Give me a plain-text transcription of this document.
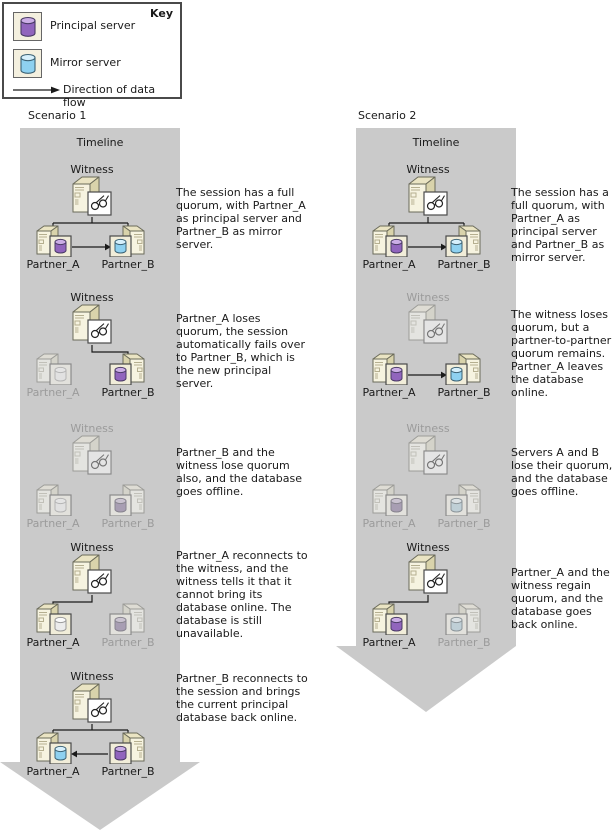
Key
Principal server
Mirror server
Direction of data flow
Scenario 1	Scenario 2
Timeline	Timeline
Witness
Partner_A	Partner_B
The session has a full quorum, with Partner_A as principal server and Partner_B as mirror server.
Witness
Partner_A	Partner_B
Partner_A loses quorum, the session automatically fails over to Partner_B, which is the new principal server.
Witness
Partner_A	Partner_B
Partner_B and the witness lose quorum also, and the database goes offline.
Witness
Partner_A	Partner_B
Partner_A reconnects to the witness, and the witness tells it that it cannot bring its database online. The database is still unavailable.
Witness
Partner_A	Partner_B
Partner_B reconnects to the session and brings the current principal database back online.
Witness
Partner_A	Partner_B
The session has a full quorum, with Partner_A as principal server and Partner_B as mirror server.
Witness
Partner_A	Partner_B
The witness loses quorum, but a partner-to-partner quorum remains. Partner_A leaves the database online.
Witness
Partner_A	Partner_B
Servers A and B lose their quorum, and the database goes offline.
Witness
Partner_A	Partner_B
Partner_A and the witness regain quorum, and the database goes back online.
